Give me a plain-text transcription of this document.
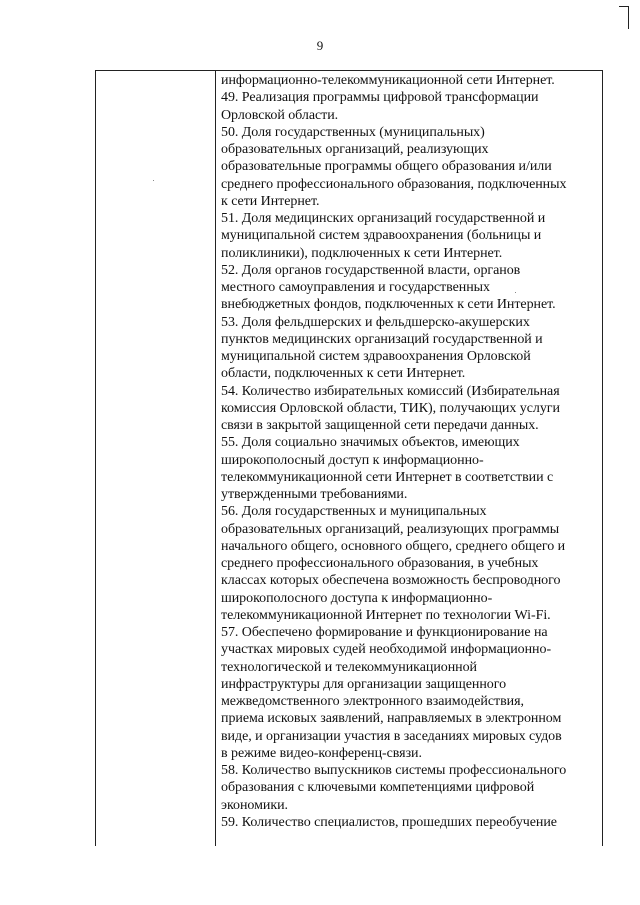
9
информационно-телекоммуникационной сети Интернет.
49. Реализация программы цифровой трансформации
Орловской области.
50. Доля государственных (муниципальных)
образовательных организаций, реализующих
образовательные программы общего образования и/или
среднего профессионального образования, подключенных
к сети Интернет.
51. Доля медицинских организаций государственной и
муниципальной систем здравоохранения (больницы и
поликлиники), подключенных к сети Интернет.
52. Доля органов государственной власти, органов
местного самоуправления и государственных
внебюджетных фондов, подключенных к сети Интернет.
53. Доля фельдшерских и фельдшерско-акушерских
пунктов медицинских организаций государственной и
муниципальной систем здравоохранения Орловской
области, подключенных к сети Интернет.
54. Количество избирательных комиссий (Избирательная
комиссия Орловской области, ТИК), получающих услуги
связи в закрытой защищенной сети передачи данных.
55. Доля социально значимых объектов, имеющих
широкополосный доступ к информационно-
телекоммуникационной сети Интернет в соответствии с
утвержденными требованиями.
56. Доля государственных и муниципальных
образовательных организаций, реализующих программы
начального общего, основного общего, среднего общего и
среднего профессионального образования, в учебных
классах которых обеспечена возможность беспроводного
широкополосного доступа к информационно-
телекоммуникационной Интернет по технологии Wi-Fi.
57. Обеспечено формирование и функционирование на
участках мировых судей необходимой информационно-
технологической и телекоммуникационной
инфраструктуры для организации защищенного
межведомственного электронного взаимодействия,
приема исковых заявлений, направляемых в электронном
виде, и организации участия в заседаниях мировых судов
в режиме видео-конференц-связи.
58. Количество выпускников системы профессионального
образования с ключевыми компетенциями цифровой
экономики.
59. Количество специалистов, прошедших переобучение
